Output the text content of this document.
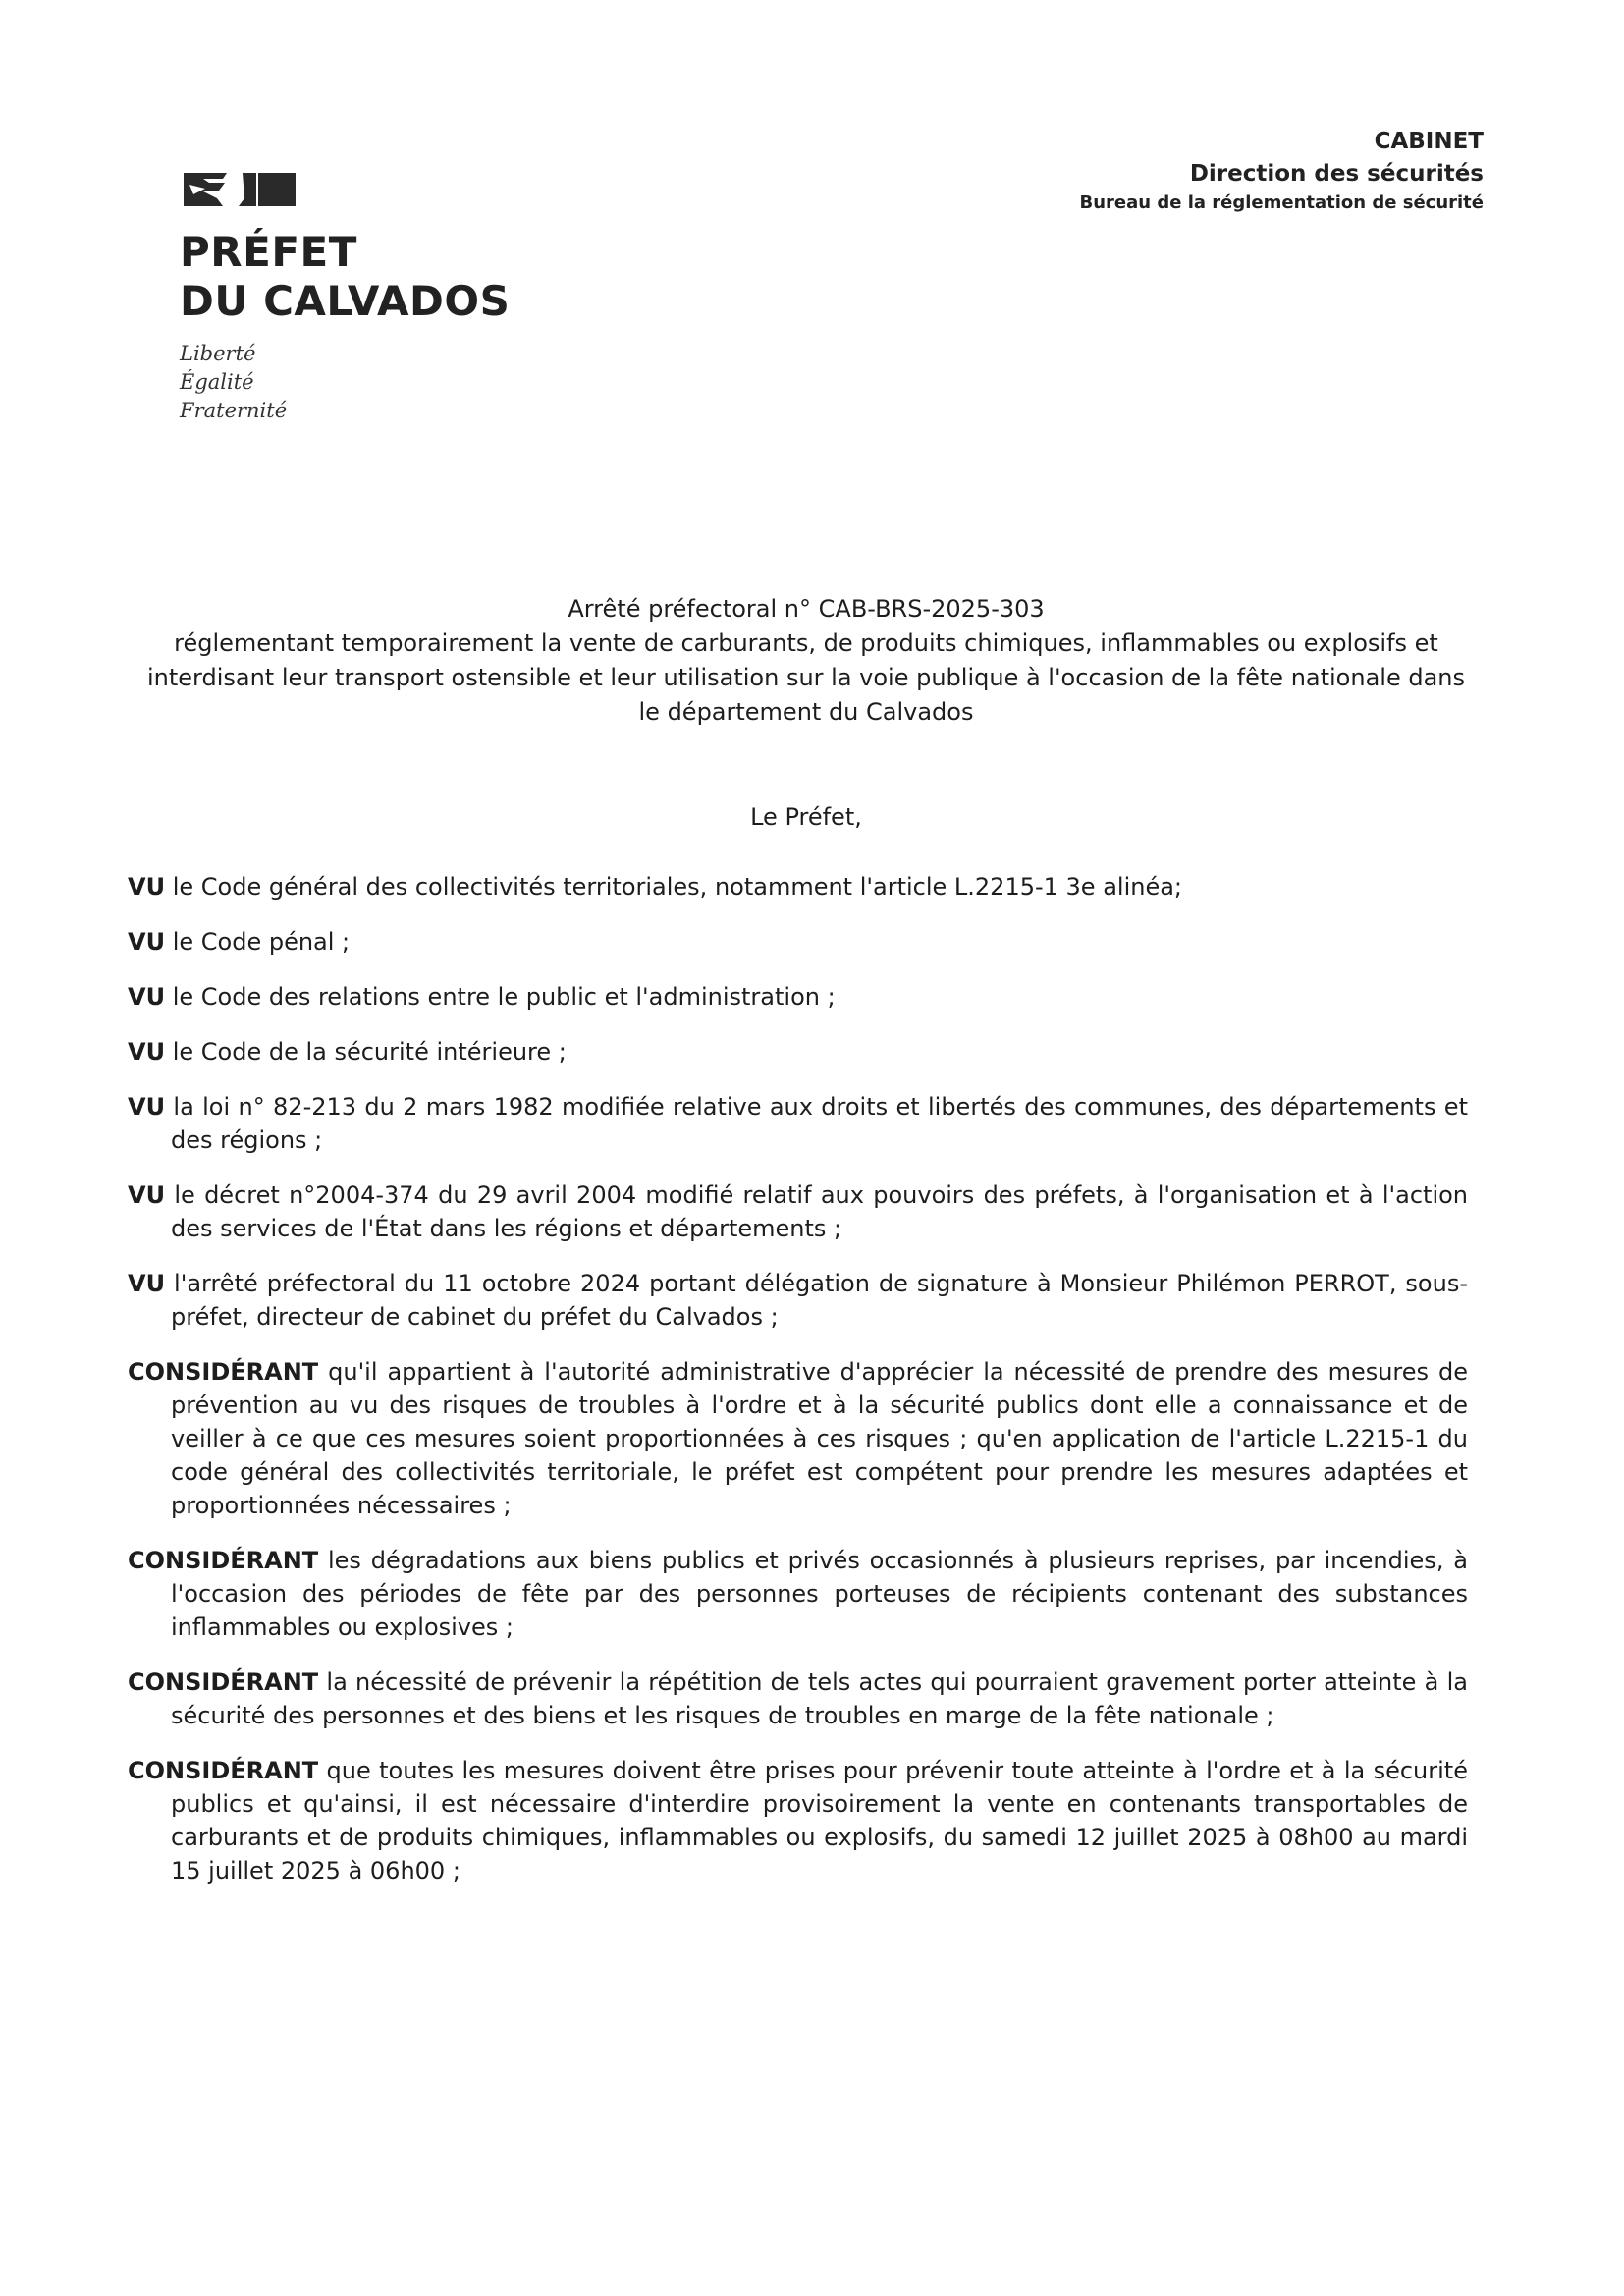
PRÉFET
DU CALVADOS
Liberté
Égalité
Fraternité
CABINET
Direction des sécurités
Bureau de la réglementation de sécurité
Arrêté préfectoral n° CAB-BRS-2025-303
réglementant temporairement la vente de carburants, de produits chimiques, inflammables ou explosifs et interdisant leur transport ostensible et leur utilisation sur la voie publique à l'occasion de la fête nationale dans le département du Calvados
Le Préfet,
VU le Code général des collectivités territoriales, notamment l'article L.2215-1 3e alinéa;
VU le Code pénal ;
VU le Code des relations entre le public et l'administration ;
VU le Code de la sécurité intérieure ;
VU la loi n° 82-213 du 2 mars 1982 modifiée relative aux droits et libertés des communes, des départements et des régions ;
VU le décret n°2004-374 du 29 avril 2004 modifié relatif aux pouvoirs des préfets, à l'organisation et à l'action des services de l'État dans les régions et départements ;
VU l'arrêté préfectoral du 11 octobre 2024 portant délégation de signature à Monsieur Philémon PERROT, sous-préfet, directeur de cabinet du préfet du Calvados ;
CONSIDÉRANT qu'il appartient à l'autorité administrative d'apprécier la nécessité de prendre des mesures de prévention au vu des risques de troubles à l'ordre et à la sécurité publics dont elle a connaissance et de veiller à ce que ces mesures soient proportionnées à ces risques ; qu'en application de l'article L.2215-1 du code général des collectivités territoriale, le préfet est compétent pour prendre les mesures adaptées et proportionnées nécessaires ;
CONSIDÉRANT les dégradations aux biens publics et privés occasionnés à plusieurs reprises, par incendies, à l'occasion des périodes de fête par des personnes porteuses de récipients contenant des substances inflammables ou explosives ;
CONSIDÉRANT la nécessité de prévenir la répétition de tels actes qui pourraient gravement porter atteinte à la sécurité des personnes et des biens et les risques de troubles en marge de la fête nationale ;
CONSIDÉRANT que toutes les mesures doivent être prises pour prévenir toute atteinte à l'ordre et à la sécurité publics et qu'ainsi, il est nécessaire d'interdire provisoirement la vente en contenants transportables de carburants et de produits chimiques, inflammables ou explosifs, du samedi 12 juillet 2025 à 08h00 au mardi 15 juillet 2025 à 06h00 ;
